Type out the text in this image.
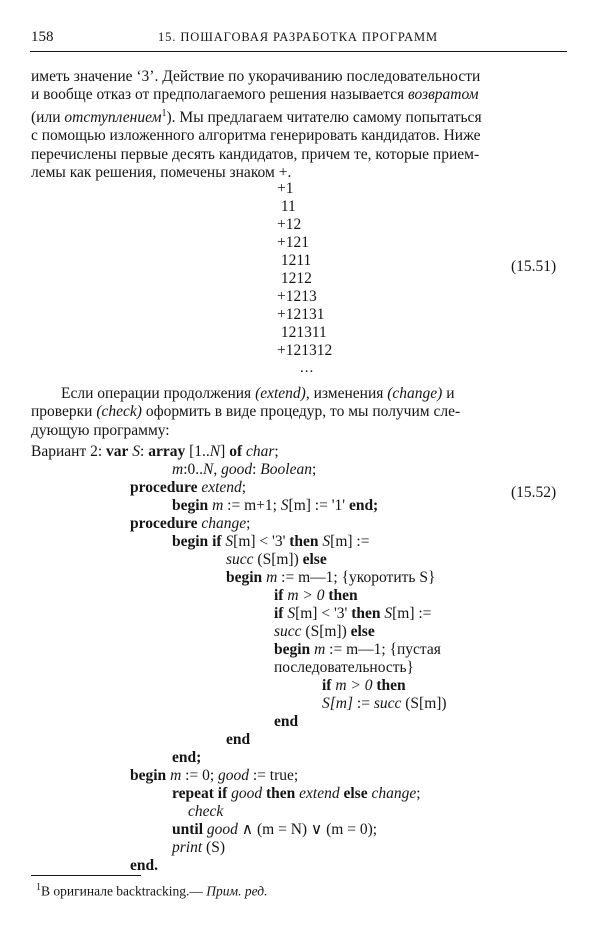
158	15. ПОШАГОВАЯ РАЗРАБОТКА ПРОГРАММ

иметь значение ‘3’. Действие по укорачиванию последовательности

и вообще отказ от предполагаемого решения называется возвратом

(или отступлением$^1$). Мы предлагаем читателю самому попытаться

с помощью изложенного алгоритма генерировать кандидатов. Ниже

перечислены первые десять кандидатов, причем те, которые прием-

лемы как решения, помечены знаком +.

+1
11
+12
+121
1211
1212
+1213
+12131
121311
+121312
...
(15.51)

Если операции продолжения (extend), изменения (change) и

проверки (check) оформить в виде процедур, то мы получим сле-

дующую программу:

Вариант 2: var S: array [1..N] of char;
m:0..N, good: Boolean;
procedure extend;	(15.52)
begin m := m+1; S[m] := '1' end;
procedure change;
begin if S[m] < '3' then S[m] :=
succ (S[m]) else
begin m := m—1; {укоротить S}
if m > 0 then
if S[m] < '3' then S[m] :=
succ (S[m]) else
begin m := m—1; {пустая
последовательность}
if m > 0 then
S[m] := succ (S[m])
end
end
end;
begin m := 0; good := true;
repeat if good then extend else change;
check
until good ∧ (m = N) ∨ (m = 0);
print (S)
end.
$^1$В оригинале backtracking.— Прим. ред.
